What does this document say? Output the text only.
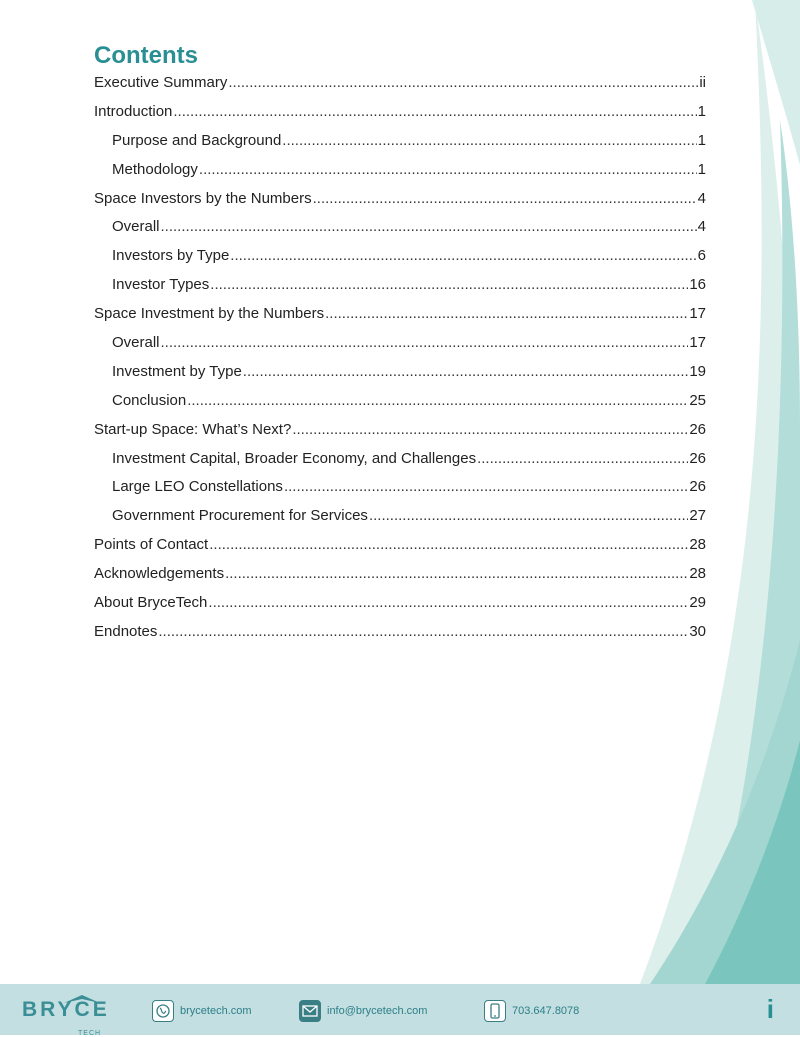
Contents
Executive Summary .....	ii
Introduction .....	1
Purpose and Background .....	1
Methodology .....	1
Space Investors by the Numbers .....	4
Overall .....	4
Investors by Type .....	6
Investor Types .....	16
Space Investment by the Numbers .....	17
Overall .....	17
Investment by Type .....	19
Conclusion .....	25
Start-up Space: What’s Next? .....	26
Investment Capital, Broader Economy, and Challenges .....	26
Large LEO Constellations .....	26
Government Procurement for Services .....	27
Points of Contact .....	28
Acknowledgements .....	28
About BryceTech .....	29
Endnotes .....	30
BRYCE
TECH
brycetech.com	info@brycetech.com	703.647.8078	i
